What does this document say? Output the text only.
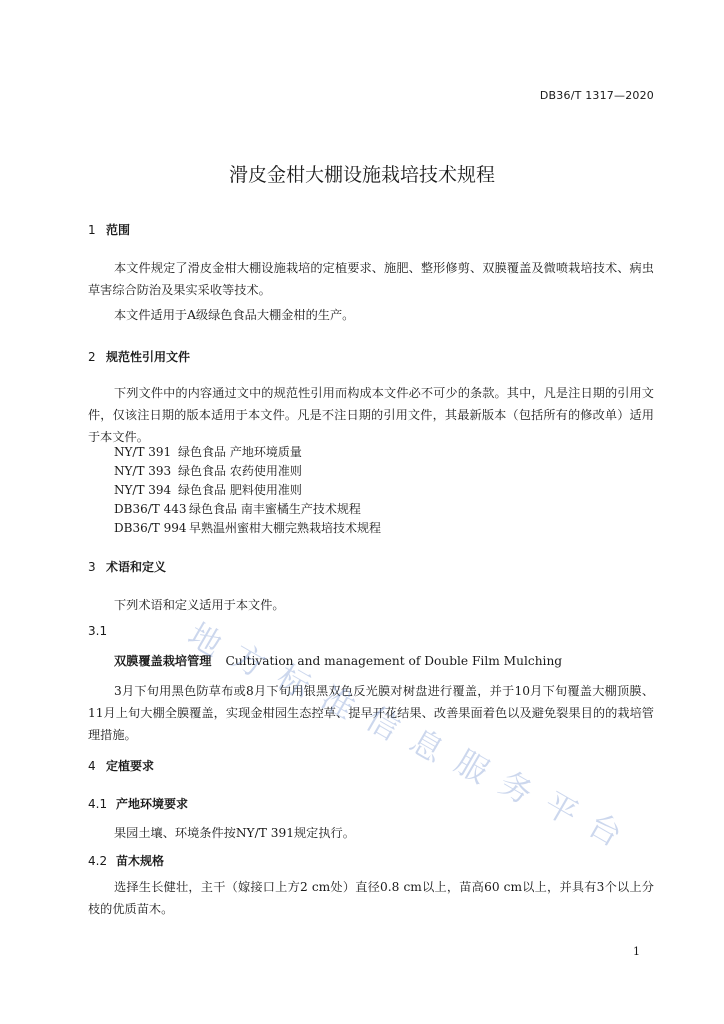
DB36/T 1317—2020
滑皮金柑大棚设施栽培技术规程
1 范围
本文件规定了滑皮金柑大棚设施栽培的定植要求、施肥、整形修剪、双膜覆盖及微喷栽培技术、病虫草害综合防治及果实采收等技术。
本文件适用于A级绿色食品大棚金柑的生产。
2 规范性引用文件
下列文件中的内容通过文中的规范性引用而构成本文件必不可少的条款。其中，凡是注日期的引用文件，仅该注日期的版本适用于本文件。凡是不注日期的引用文件，其最新版本（包括所有的修改单）适用于本文件。
NY/T 391 绿色食品 产地环境质量
NY/T 393 绿色食品 农药使用准则
NY/T 394 绿色食品 肥料使用准则
DB36/T 443 绿色食品 南丰蜜橘生产技术规程
DB36/T 994 早熟温州蜜柑大棚完熟栽培技术规程
3 术语和定义
下列术语和定义适用于本文件。
3.1
双膜覆盖栽培管理 Cultivation and management of Double Film Mulching
3月下旬用黑色防草布或8月下旬用银黑双色反光膜对树盘进行覆盖，并于10月下旬覆盖大棚顶膜、11月上旬大棚全膜覆盖，实现金柑园生态控草、提早开花结果、改善果面着色以及避免裂果目的的栽培管理措施。
4 定植要求
4.1 产地环境要求
果园土壤、环境条件按NY/T 391规定执行。
4.2 苗木规格
选择生长健壮，主干（嫁接口上方2 cm处）直径0.8 cm以上，苗高60 cm以上，并具有3个以上分枝的优质苗木。
1
地
方
标
准
信
息
服
务
平
台
